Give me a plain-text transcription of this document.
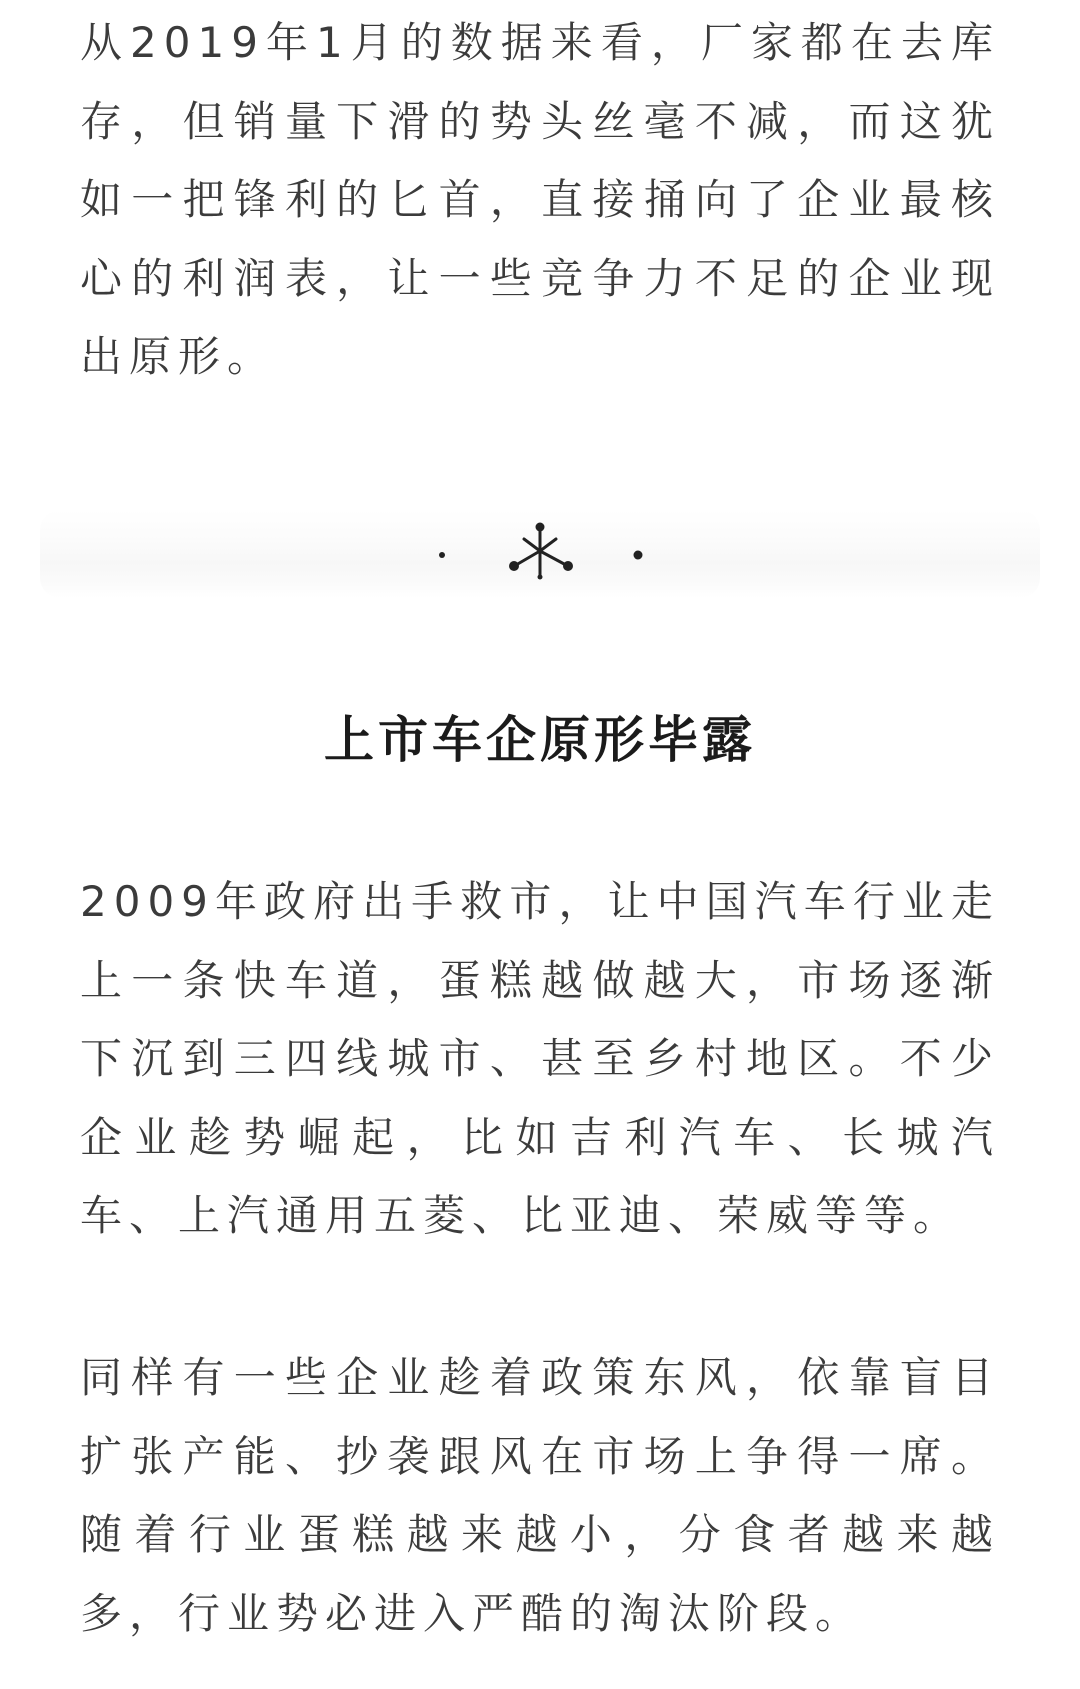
从2019年1月的数据来看，厂家都在去库存，但销量下滑的势头丝毫不减，而这犹如一把锋利的匕首，直接捅向了企业最核心的利润表，让一些竞争力不足的企业现出原形。

上市车企原形毕露

2009年政府出手救市，让中国汽车行业走上一条快车道，蛋糕越做越大，市场逐渐下沉到三四线城市、甚至乡村地区。不少企业趁势崛起，比如吉利汽车、长城汽车、上汽通用五菱、比亚迪、荣威等等。

同样有一些企业趁着政策东风，依靠盲目扩张产能、抄袭跟风在市场上争得一席。随着行业蛋糕越来越小，分食者越来越多，行业势必进入严酷的淘汰阶段。
